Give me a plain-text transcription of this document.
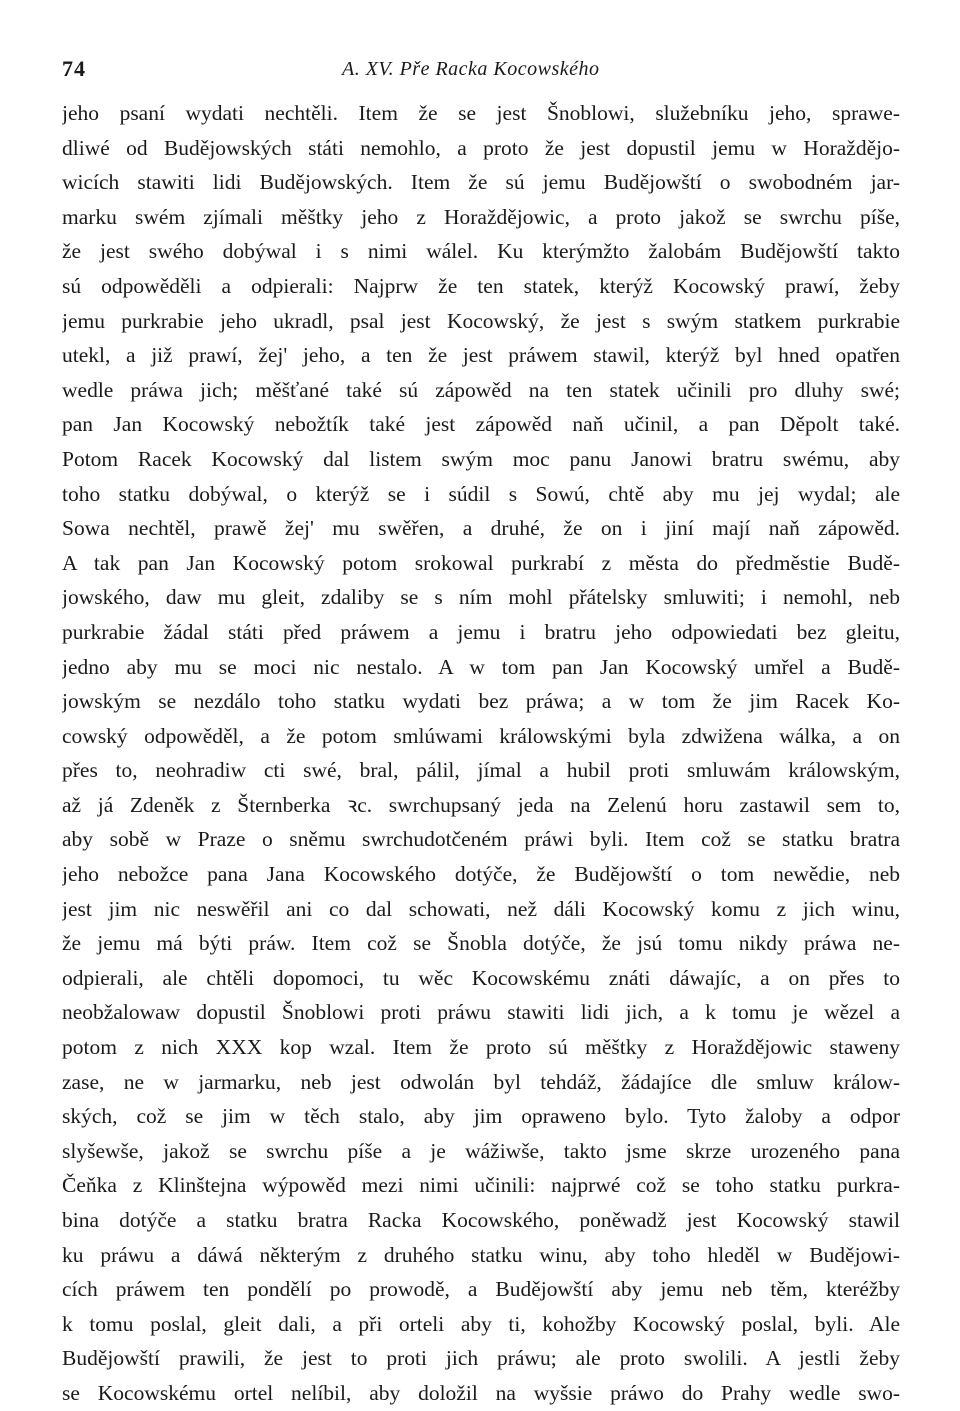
74	A. XV. Pře Racka Kocowského
jeho psaní wydati nechtěli. Item že se jest Šnoblowi, služebníku jeho, sprawe-
dliwé od Budějowských státi nemohlo, a proto že jest dopustil jemu w Horaždějo-
wicích stawiti lidi Budějowských. Item že sú jemu Budějowští o swobodném jar-
marku swém zjímali měštky jeho z Horaždějowic, a proto jakož se swrchu píše,
že jest swého dobýwal i s nimi wálel. Ku kterýmžto žalobám Budějowští takto
sú odpowěděli a odpierali: Najprw že ten statek, kterýž Kocowský prawí, žeby
jemu purkrabie jeho ukradl, psal jest Kocowský, že jest s swým statkem purkrabie
utekl, a již prawí, žej' jeho, a ten že jest práwem stawil, kterýž byl hned opatřen
wedle práwa jich; měšťané také sú zápowěd na ten statek učinili pro dluhy swé;
pan Jan Kocowský nebožtík také jest zápowěd naň učinil, a pan Děpolt také.
Potom Racek Kocowský dal listem swým moc panu Janowi bratru swému, aby
toho statku dobýwal, o kterýž se i súdil s Sowú, chtě aby mu jej wydal; ale
Sowa nechtěl, prawě žej' mu swěřen, a druhé, že on i jiní mají naň zápowěd.
A tak pan Jan Kocowský potom srokowal purkrabí z města do předměstie Budě-
jowského, daw mu gleit, zdaliby se s ním mohl přátelsky smluwiti; i nemohl, neb
purkrabie žádal státi před práwem a jemu i bratru jeho odpowiedati bez gleitu,
jedno aby mu se moci nic nestalo. A w tom pan Jan Kocowský umřel a Budě-
jowským se nezdálo toho statku wydati bez práwa; a w tom že jim Racek Ko-
cowský odpowěděl, a že potom smlúwami králowskými byla zdwižena wálka, a on
přes to, neohradiw cti swé, bral, pálil, jímal a hubil proti smluwám králowským,
až já Zdeněk z Šternberka ꝛc. swrchupsaný jeda na Zelenú horu zastawil sem to,
aby sobě w Praze o sněmu swrchudotčeném práwi byli. Item což se statku bratra
jeho nebožce pana Jana Kocowského dotýče, že Budějowští o tom newědie, neb
jest jim nic neswěřil ani co dal schowati, než dáli Kocowský komu z jich winu,
že jemu má býti práw. Item což se Šnobla dotýče, že jsú tomu nikdy práwa ne-
odpierali, ale chtěli dopomoci, tu wěc Kocowskému znáti dáwajíc, a on přes to
neobžalowaw dopustil Šnoblowi proti práwu stawiti lidi jich, a k tomu je wězel a
potom z nich XXX kop wzal. Item že proto sú měštky z Horaždějowic staweny
zase, ne w jarmarku, neb jest odwolán byl tehdáž, žádajíce dle smluw králow-
ských, což se jim w těch stalo, aby jim opraweno bylo. Tyto žaloby a odpor
slyšewše, jakož se swrchu píše a je wážiwše, takto jsme skrze urozeného pana
Čeňka z Klinštejna wýpowěd mezi nimi učinili: najprwé což se toho statku purkra-
bina dotýče a statku bratra Racka Kocowského, poněwadž jest Kocowský stawil
ku práwu a dáwá některým z druhého statku winu, aby toho hleděl w Budějowi-
cích práwem ten pondělí po prowodě, a Budějowští aby jemu neb těm, kteréžby
k tomu poslal, gleit dali, a při orteli aby ti, kohožby Kocowský poslal, byli. Ale
Budějowští prawili, že jest to proti jich práwu; ale proto swolili. A jestli žeby
se Kocowskému ortel nelíbil, aby doložil na wyšsie práwo do Prahy wedle swo-
